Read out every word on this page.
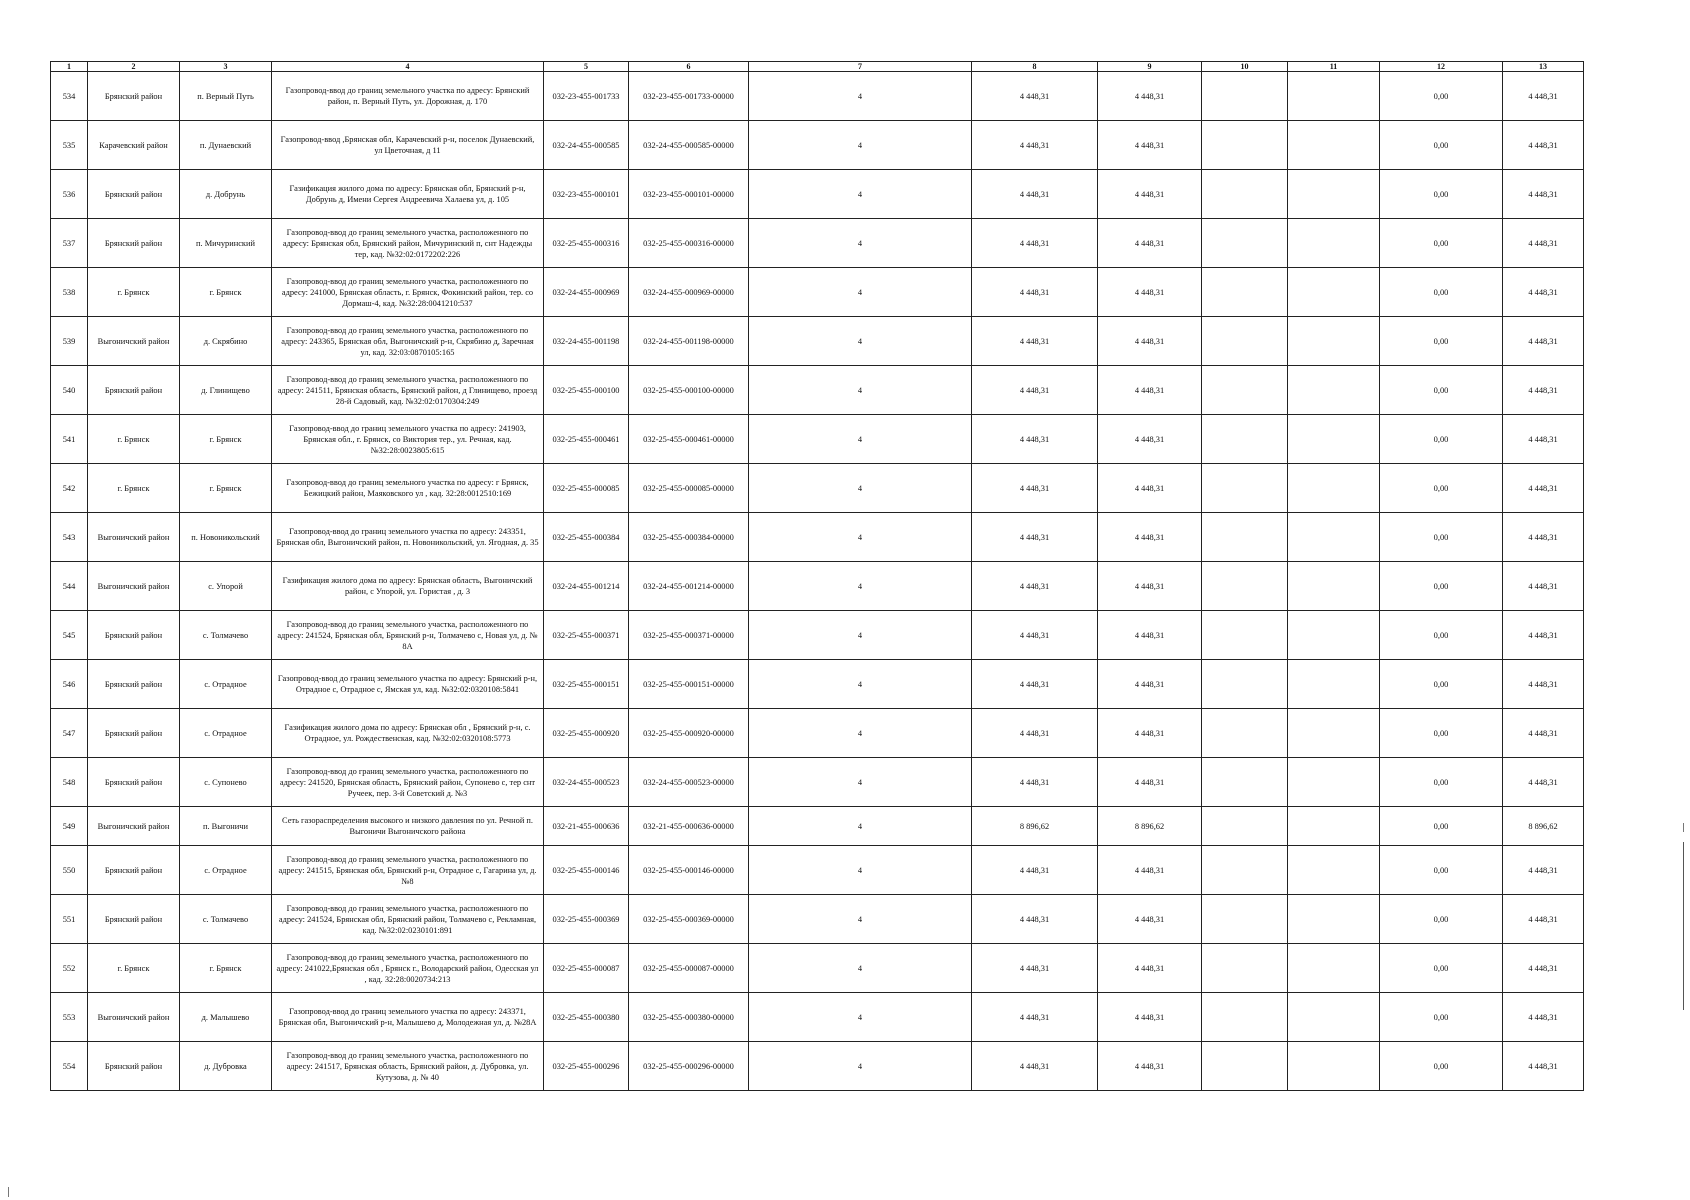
1	2	3	4	5	6	7	8	9	10	11	12	13
534	Брянский район	п. Верный Путь	Газопровод-ввод до границ земельного участка по адресу: Брянский район, п. Верный Путь, ул. Дорожная, д. 170	032-23-455-001733	032-23-455-001733-00000	4	4 448,31	4 448,31			0,00	4 448,31
535	Карачевский район	п. Дунаевский	Газопровод-ввод ,Брянская обл, Карачевский р-н, поселок Дунаевский, ул Цветочная, д 11	032-24-455-000585	032-24-455-000585-00000	4	4 448,31	4 448,31			0,00	4 448,31
536	Брянский район	д. Добрунь	Газификация жилого дома по адресу: Брянская обл, Брянский р-н, Добрунь д, Имени Сергея Андреевича Халаева ул, д. 105	032-23-455-000101	032-23-455-000101-00000	4	4 448,31	4 448,31			0,00	4 448,31
537	Брянский район	п. Мичуринский	Газопровод-ввод до границ земельного участка, расположенного по адресу: Брянская обл, Брянский район, Мичуринский п, снт Надежды тер, кад. №32:02:0172202:226	032-25-455-000316	032-25-455-000316-00000	4	4 448,31	4 448,31			0,00	4 448,31
538	г. Брянск	г. Брянск	Газопровод-ввод до границ земельного участка, расположенного по адресу: 241000, Брянская область, г. Брянск, Фокинский район, тер. со Дормаш-4, кад. №32:28:0041210:537	032-24-455-000969	032-24-455-000969-00000	4	4 448,31	4 448,31			0,00	4 448,31
539	Выгоничский район	д. Скрябино	Газопровод-ввод до границ земельного участка, расположенного по адресу: 243365, Брянская обл, Выгоничский р-н, Скрябино д, Заречная ул, кад. 32:03:0870105:165	032-24-455-001198	032-24-455-001198-00000	4	4 448,31	4 448,31			0,00	4 448,31
540	Брянский район	д. Глинищево	Газопровод-ввод до границ земельного участка, расположенного по адресу: 241511, Брянская область, Брянский район, д Глинищево, проезд 28-й Садовый, кад. №32:02:0170304:249	032-25-455-000100	032-25-455-000100-00000	4	4 448,31	4 448,31			0,00	4 448,31
541	г. Брянск	г. Брянск	Газопровод-ввод до границ земельного участка по адресу: 241903, Брянская обл., г. Брянск, со Виктория тер., ул. Речная, кад. №32:28:0023805:615	032-25-455-000461	032-25-455-000461-00000	4	4 448,31	4 448,31			0,00	4 448,31
542	г. Брянск	г. Брянск	Газопровод-ввод до границ земельного участка по адресу: г Брянск, Бежицкий район, Маяковского ул , кад. 32:28:0012510:169	032-25-455-000085	032-25-455-000085-00000	4	4 448,31	4 448,31			0,00	4 448,31
543	Выгоничский район	п. Новоникольский	Газопровод-ввод до границ земельного участка по адресу: 243351, Брянская обл, Выгоничский район, п. Новоникольский, ул. Ягодная, д. 35	032-25-455-000384	032-25-455-000384-00000	4	4 448,31	4 448,31			0,00	4 448,31
544	Выгоничский район	с. Упорой	Газификация жилого дома по адресу: Брянская область, Выгоничский район, с Упорой, ул. Гористая , д. 3	032-24-455-001214	032-24-455-001214-00000	4	4 448,31	4 448,31			0,00	4 448,31
545	Брянский район	с. Толмачево	Газопровод-ввод до границ земельного участка, расположенного по адресу: 241524, Брянская обл, Брянский р-н, Толмачево с, Новая ул, д. № 8А	032-25-455-000371	032-25-455-000371-00000	4	4 448,31	4 448,31			0,00	4 448,31
546	Брянский район	с. Отрадное	Газопровод-ввод до границ земельного участка по адресу: Брянский р-н, Отрадное с, Отрадное с, Ямская ул, кад. №32:02:0320108:5841	032-25-455-000151	032-25-455-000151-00000	4	4 448,31	4 448,31			0,00	4 448,31
547	Брянский район	с. Отрадное	Газификация жилого дома по адресу: Брянская обл , Брянский р-н, с. Отрадное, ул. Рождественская, кад. №32:02:0320108:5773	032-25-455-000920	032-25-455-000920-00000	4	4 448,31	4 448,31			0,00	4 448,31
548	Брянский район	с. Супонево	Газопровод-ввод до границ земельного участка, расположенного по адресу: 241520, Брянская область, Брянский район, Супонево с, тер снт Ручеек, пер. 3-й Советский д. №3	032-24-455-000523	032-24-455-000523-00000	4	4 448,31	4 448,31			0,00	4 448,31
549	Выгоничский район	п. Выгоничи	Сеть газораспределения высокого и низкого давления по ул. Речной п. Выгоничи Выгоничского района	032-21-455-000636	032-21-455-000636-00000	4	8 896,62	8 896,62			0,00	8 896,62
550	Брянский район	с. Отрадное	Газопровод-ввод до границ земельного участка, расположенного по адресу: 241515, Брянская обл, Брянский р-н, Отрадное с, Гагарина ул, д. №8	032-25-455-000146	032-25-455-000146-00000	4	4 448,31	4 448,31			0,00	4 448,31
551	Брянский район	с. Толмачево	Газопровод-ввод до границ земельного участка, расположенного по адресу: 241524, Брянская обл, Брянский район, Толмачево с, Рекламная, кад. №32:02:0230101:891	032-25-455-000369	032-25-455-000369-00000	4	4 448,31	4 448,31			0,00	4 448,31
552	г. Брянск	г. Брянск	Газопровод-ввод до границ земельного участка, расположенного по адресу: 241022,Брянская обл , Брянск г., Володарский район, Одесская ул , кад. 32:28:0020734:213	032-25-455-000087	032-25-455-000087-00000	4	4 448,31	4 448,31			0,00	4 448,31
553	Выгоничский район	д. Малышево	Газопровод-ввод до границ земельного участка по адресу: 243371, Брянская обл, Выгоничский р-н, Малышево д, Молодежная ул, д. №28А	032-25-455-000380	032-25-455-000380-00000	4	4 448,31	4 448,31			0,00	4 448,31
554	Брянский район	д. Дубровка	Газопровод-ввод до границ земельного участка, расположенного по адресу: 241517, Брянская область, Брянский район, д. Дубровка, ул. Кутузова, д. № 40	032-25-455-000296	032-25-455-000296-00000	4	4 448,31	4 448,31			0,00	4 448,31
